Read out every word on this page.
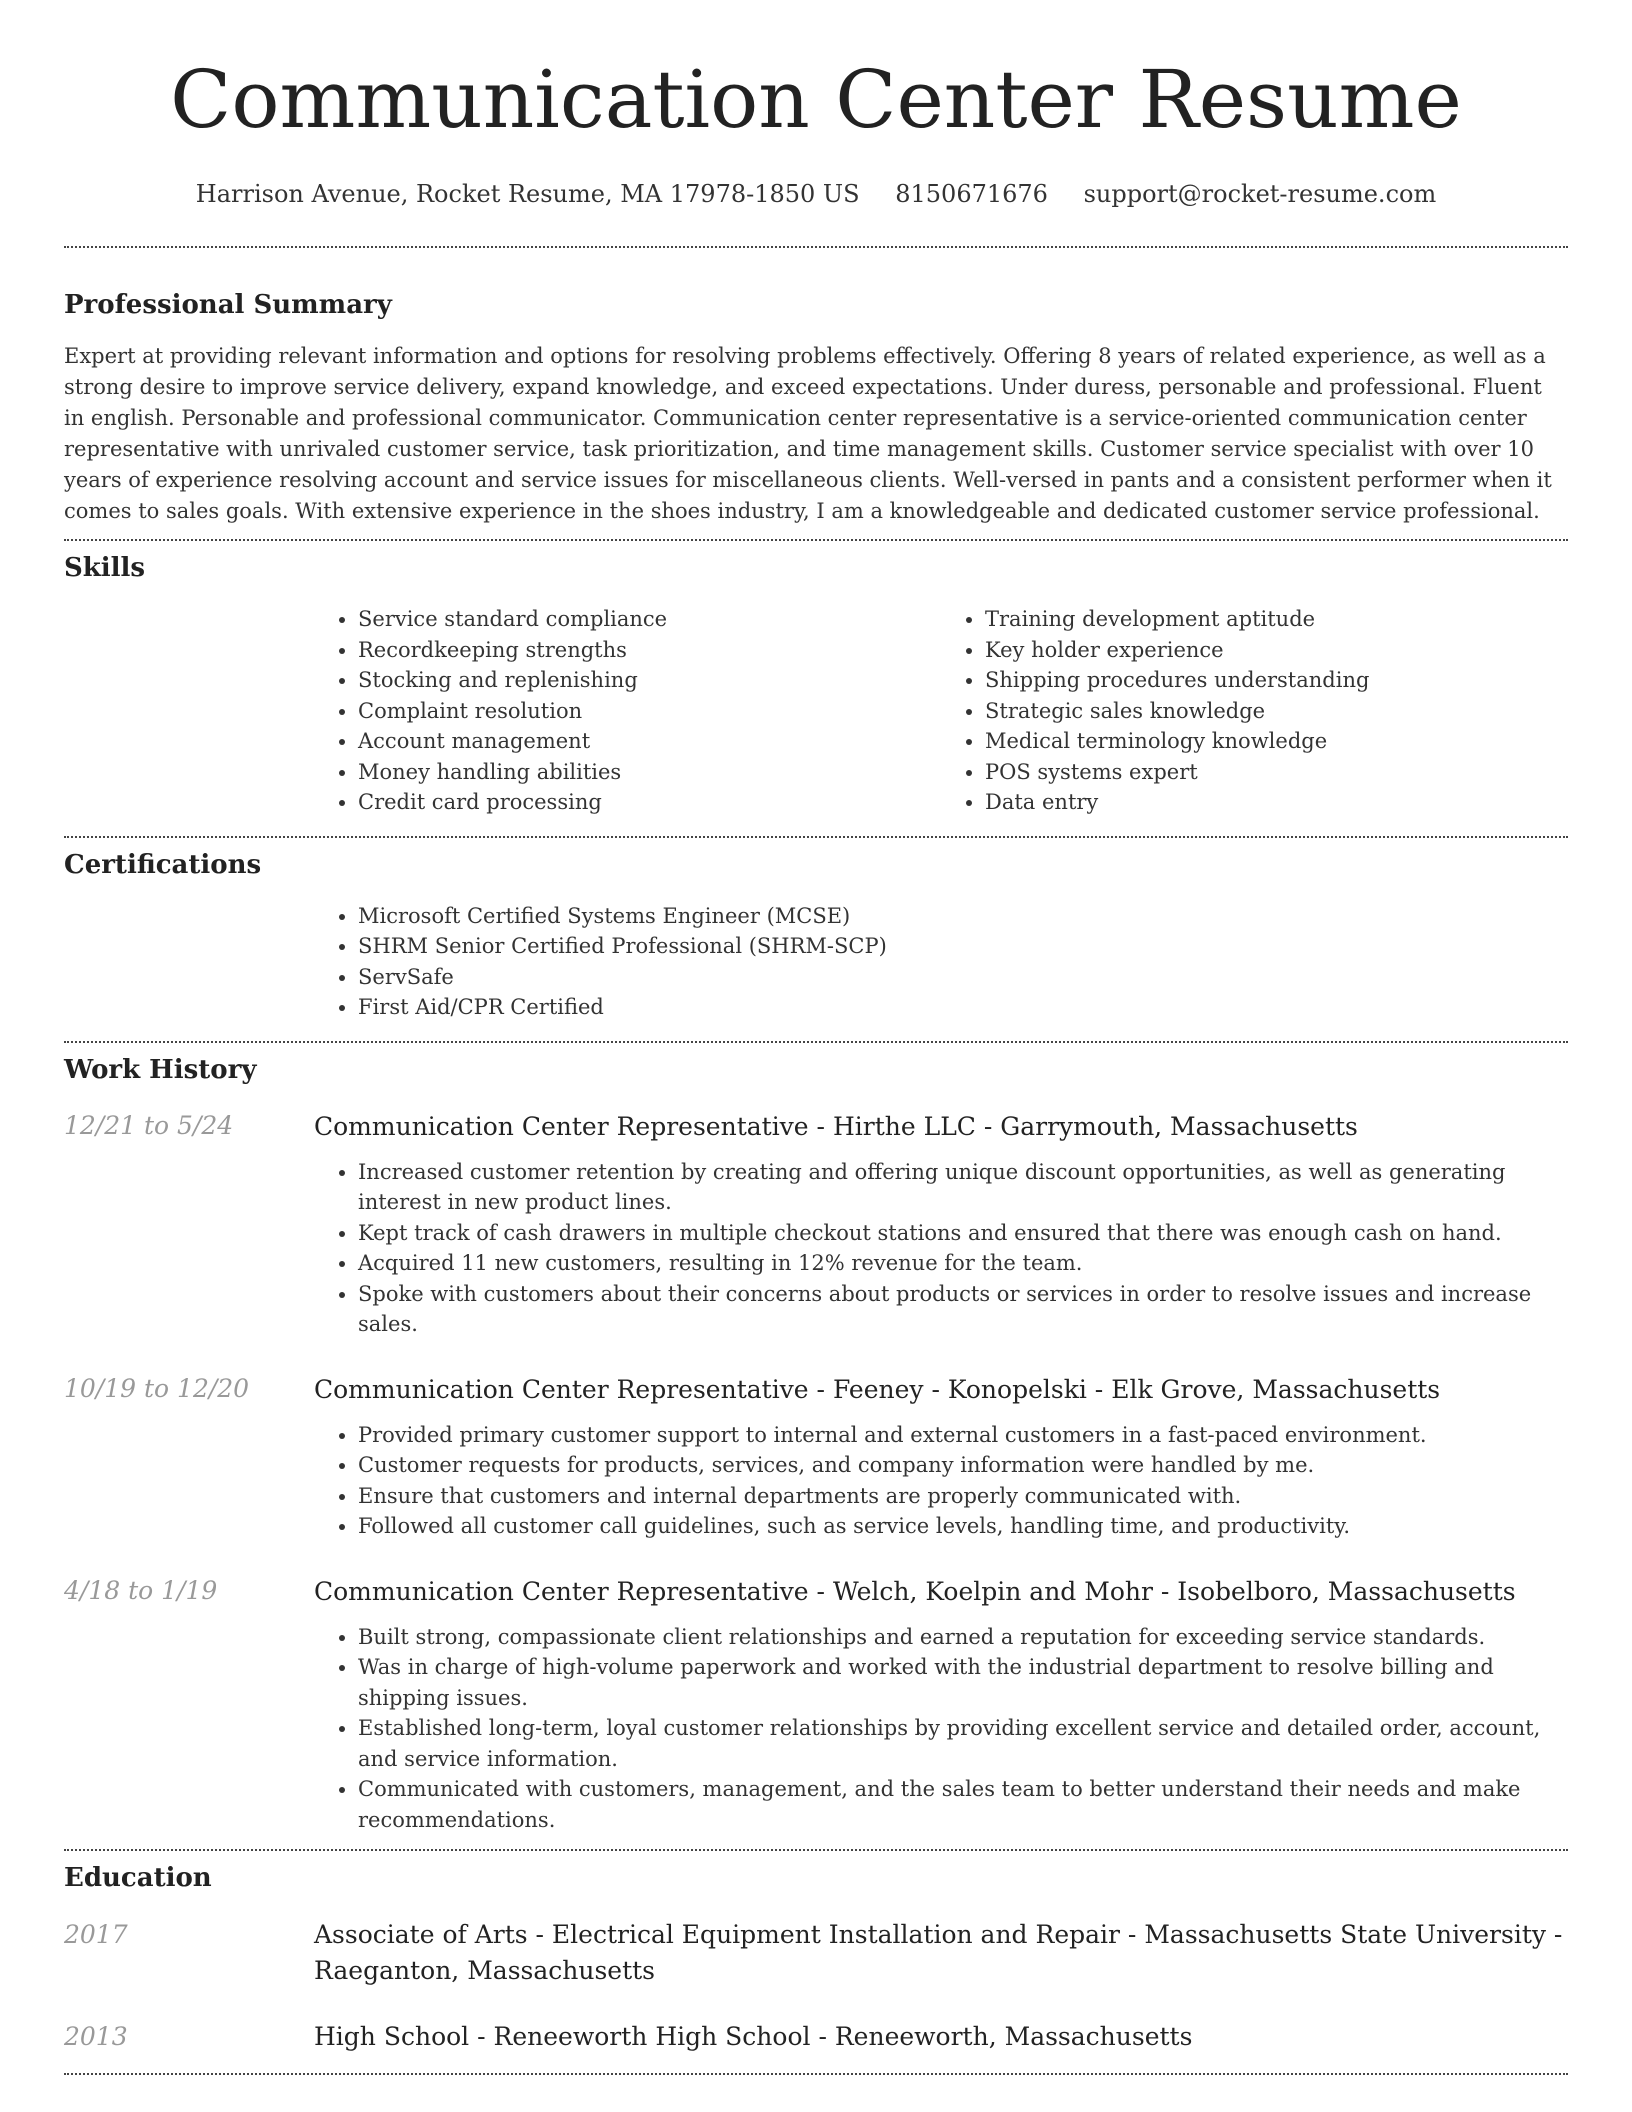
Communication Center Resume
Harrison Avenue, Rocket Resume, MA 17978-1850 US 8150671676 support@rocket-resume.com
Professional Summary

Expert at providing relevant information and options for resolving problems effectively. Offering 8 years of related experience, as well as a strong desire to improve service delivery, expand knowledge, and exceed expectations. Under duress, personable and professional. Fluent in english. Personable and professional communicator. Communication center representative is a service-oriented communication center representative with unrivaled customer service, task prioritization, and time management skills. Customer service specialist with over 10 years of experience resolving account and service issues for miscellaneous clients. Well-versed in pants and a consistent performer when it comes to sales goals. With extensive experience in the shoes industry, I am a knowledgeable and dedicated customer service professional.

Skills
• Service standard compliance
• Recordkeeping strengths
• Stocking and replenishing
• Complaint resolution
• Account management
• Money handling abilities
• Credit card processing
• Training development aptitude
• Key holder experience
• Shipping procedures understanding
• Strategic sales knowledge
• Medical terminology knowledge
• POS systems expert
• Data entry
Certifications
• Microsoft Certified Systems Engineer (MCSE)
• SHRM Senior Certified Professional (SHRM-SCP)
• ServSafe
• First Aid/CPR Certified
Work History
12/21 to 5/24	Communication Center Representative - Hirthe LLC - Garrymouth, Massachusetts
• Increased customer retention by creating and offering unique discount opportunities, as well as generating interest in new product lines.
• Kept track of cash drawers in multiple checkout stations and ensured that there was enough cash on hand.
• Acquired 11 new customers, resulting in 12% revenue for the team.
• Spoke with customers about their concerns about products or services in order to resolve issues and increase sales.
10/19 to 12/20	Communication Center Representative - Feeney - Konopelski - Elk Grove, Massachusetts
• Provided primary customer support to internal and external customers in a fast-paced environment.
• Customer requests for products, services, and company information were handled by me.
• Ensure that customers and internal departments are properly communicated with.
• Followed all customer call guidelines, such as service levels, handling time, and productivity.
4/18 to 1/19	Communication Center Representative - Welch, Koelpin and Mohr - Isobelboro, Massachusetts
• Built strong, compassionate client relationships and earned a reputation for exceeding service standards.
• Was in charge of high-volume paperwork and worked with the industrial department to resolve billing and shipping issues.
• Established long-term, loyal customer relationships by providing excellent service and detailed order, account, and service information.
• Communicated with customers, management, and the sales team to better understand their needs and make recommendations.
Education
2017	Associate of Arts - Electrical Equipment Installation and Repair - Massachusetts State University - Raeganton, Massachusetts
2013	High School - Reneeworth High School - Reneeworth, Massachusetts
